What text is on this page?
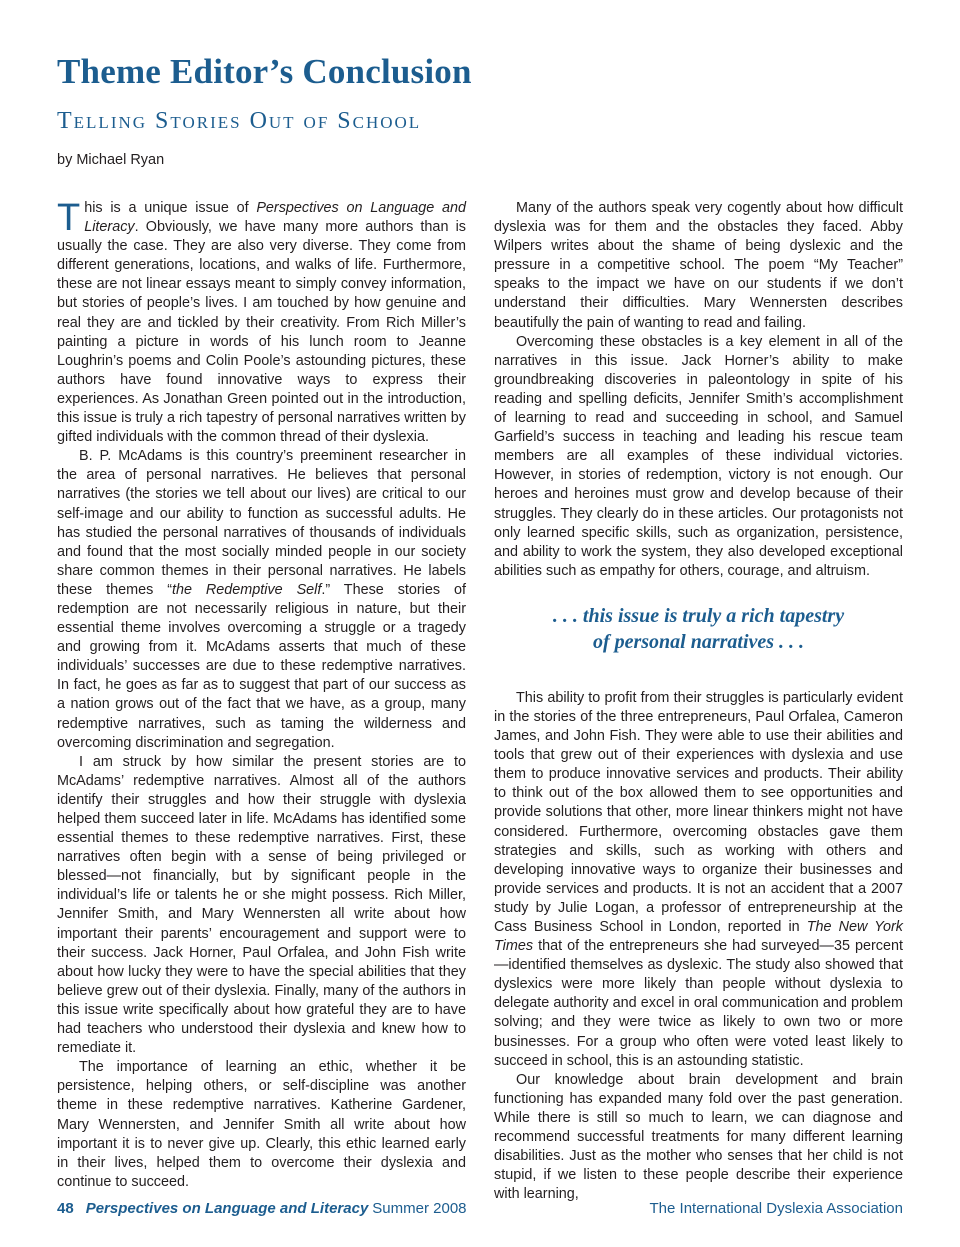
Theme Editor’s Conclusion
Telling Stories Out of School
by Michael Ryan

This is a unique issue of Perspectives on Language and Literacy. Obviously, we have many more authors than is usually the case. They are also very diverse. They come from different generations, locations, and walks of life. Furthermore, these are not linear essays meant to simply convey information, but stories of people’s lives. I am touched by how genuine and real they are and tickled by their creativity. From Rich Miller’s painting a picture in words of his lunch room to Jeanne Loughrin’s poems and Colin Poole’s astounding pictures, these authors have found innovative ways to express their experiences. As Jonathan Green pointed out in the introduction, this issue is truly a rich tapestry of personal narratives written by gifted individuals with the common thread of their dyslexia.

B. P. McAdams is this country’s preeminent researcher in the area of personal narratives. He believes that personal narratives (the stories we tell about our lives) are critical to our self-image and our ability to function as successful adults. He has studied the personal narratives of thousands of individuals and found that the most socially minded people in our society share common themes in their personal narratives. He labels these themes “the Redemptive Self.” These stories of redemption are not necessarily religious in nature, but their essential theme involves overcoming a struggle or a tragedy and growing from it. McAdams asserts that much of these individuals’ successes are due to these redemptive narratives. In fact, he goes as far as to suggest that part of our success as a nation grows out of the fact that we have, as a group, many redemptive narratives, such as taming the wilderness and overcoming discrimination and segregation.

I am struck by how similar the present stories are to McAdams’ redemptive narratives. Almost all of the authors identify their struggles and how their struggle with dyslexia helped them succeed later in life. McAdams has identified some essential themes to these redemptive narratives. First, these narratives often begin with a sense of being privileged or blessed—not financially, but by significant people in the individual’s life or talents he or she might possess. Rich Miller, Jennifer Smith, and Mary Wennersten all write about how important their parents’ encouragement and support were to their success. Jack Horner, Paul Orfalea, and John Fish write about how lucky they were to have the special abilities that they believe grew out of their dyslexia. Finally, many of the authors in this issue write specifically about how grateful they are to have had teachers who understood their dyslexia and knew how to remediate it.

The importance of learning an ethic, whether it be persistence, helping others, or self-discipline was another theme in these redemptive narratives. Katherine Gardener, Mary Wennersten, and Jennifer Smith all write about how important it is to never give up. Clearly, this ethic learned early in their lives, helped them to overcome their dyslexia and continue to succeed.

Many of the authors speak very cogently about how difficult dyslexia was for them and the obstacles they faced. Abby Wilpers writes about the shame of being dyslexic and the pressure in a competitive school. The poem “My Teacher” speaks to the impact we have on our students if we don’t understand their difficulties. Mary Wennersten describes beautifully the pain of wanting to read and failing.

Overcoming these obstacles is a key element in all of the narratives in this issue. Jack Horner’s ability to make groundbreaking discoveries in paleontology in spite of his reading and spelling deficits, Jennifer Smith’s accomplishment of learning to read and succeeding in school, and Samuel Garfield’s success in teaching and leading his rescue team members are all examples of these individual victories. However, in stories of redemption, victory is not enough. Our heroes and heroines must grow and develop because of their struggles. They clearly do in these articles. Our protagonists not only learned specific skills, such as organization, persistence, and ability to work the system, they also developed exceptional abilities such as empathy for others, courage, and altruism.

. . . this issue is truly a rich tapestry
of personal narratives . . .

This ability to profit from their struggles is particularly evident in the stories of the three entrepreneurs, Paul Orfalea, Cameron James, and John Fish. They were able to use their abilities and tools that grew out of their experiences with dyslexia and use them to produce innovative services and products. Their ability to think out of the box allowed them to see opportunities and provide solutions that other, more linear thinkers might not have considered. Furthermore, overcoming obstacles gave them strategies and skills, such as working with others and developing innovative ways to organize their businesses and provide services and products. It is not an accident that a 2007 study by Julie Logan, a professor of entrepreneurship at the Cass Business School in London, reported in The New York Times that of the entrepreneurs she had surveyed—35 percent—identified themselves as dyslexic. The study also showed that dyslexics were more likely than people without dyslexia to delegate authority and excel in oral communication and problem solving; and they were twice as likely to own two or more businesses. For a group who often were voted least likely to succeed in school, this is an astounding statistic.

Our knowledge about brain development and brain functioning has expanded many fold over the past generation. While there is still so much to learn, we can diagnose and recommend successful treatments for many different learning disabilities. Just as the mother who senses that her child is not stupid, if we listen to these people describe their experience with learning,

48 Perspectives on Language and Literacy Summer 2008	The International Dyslexia Association
